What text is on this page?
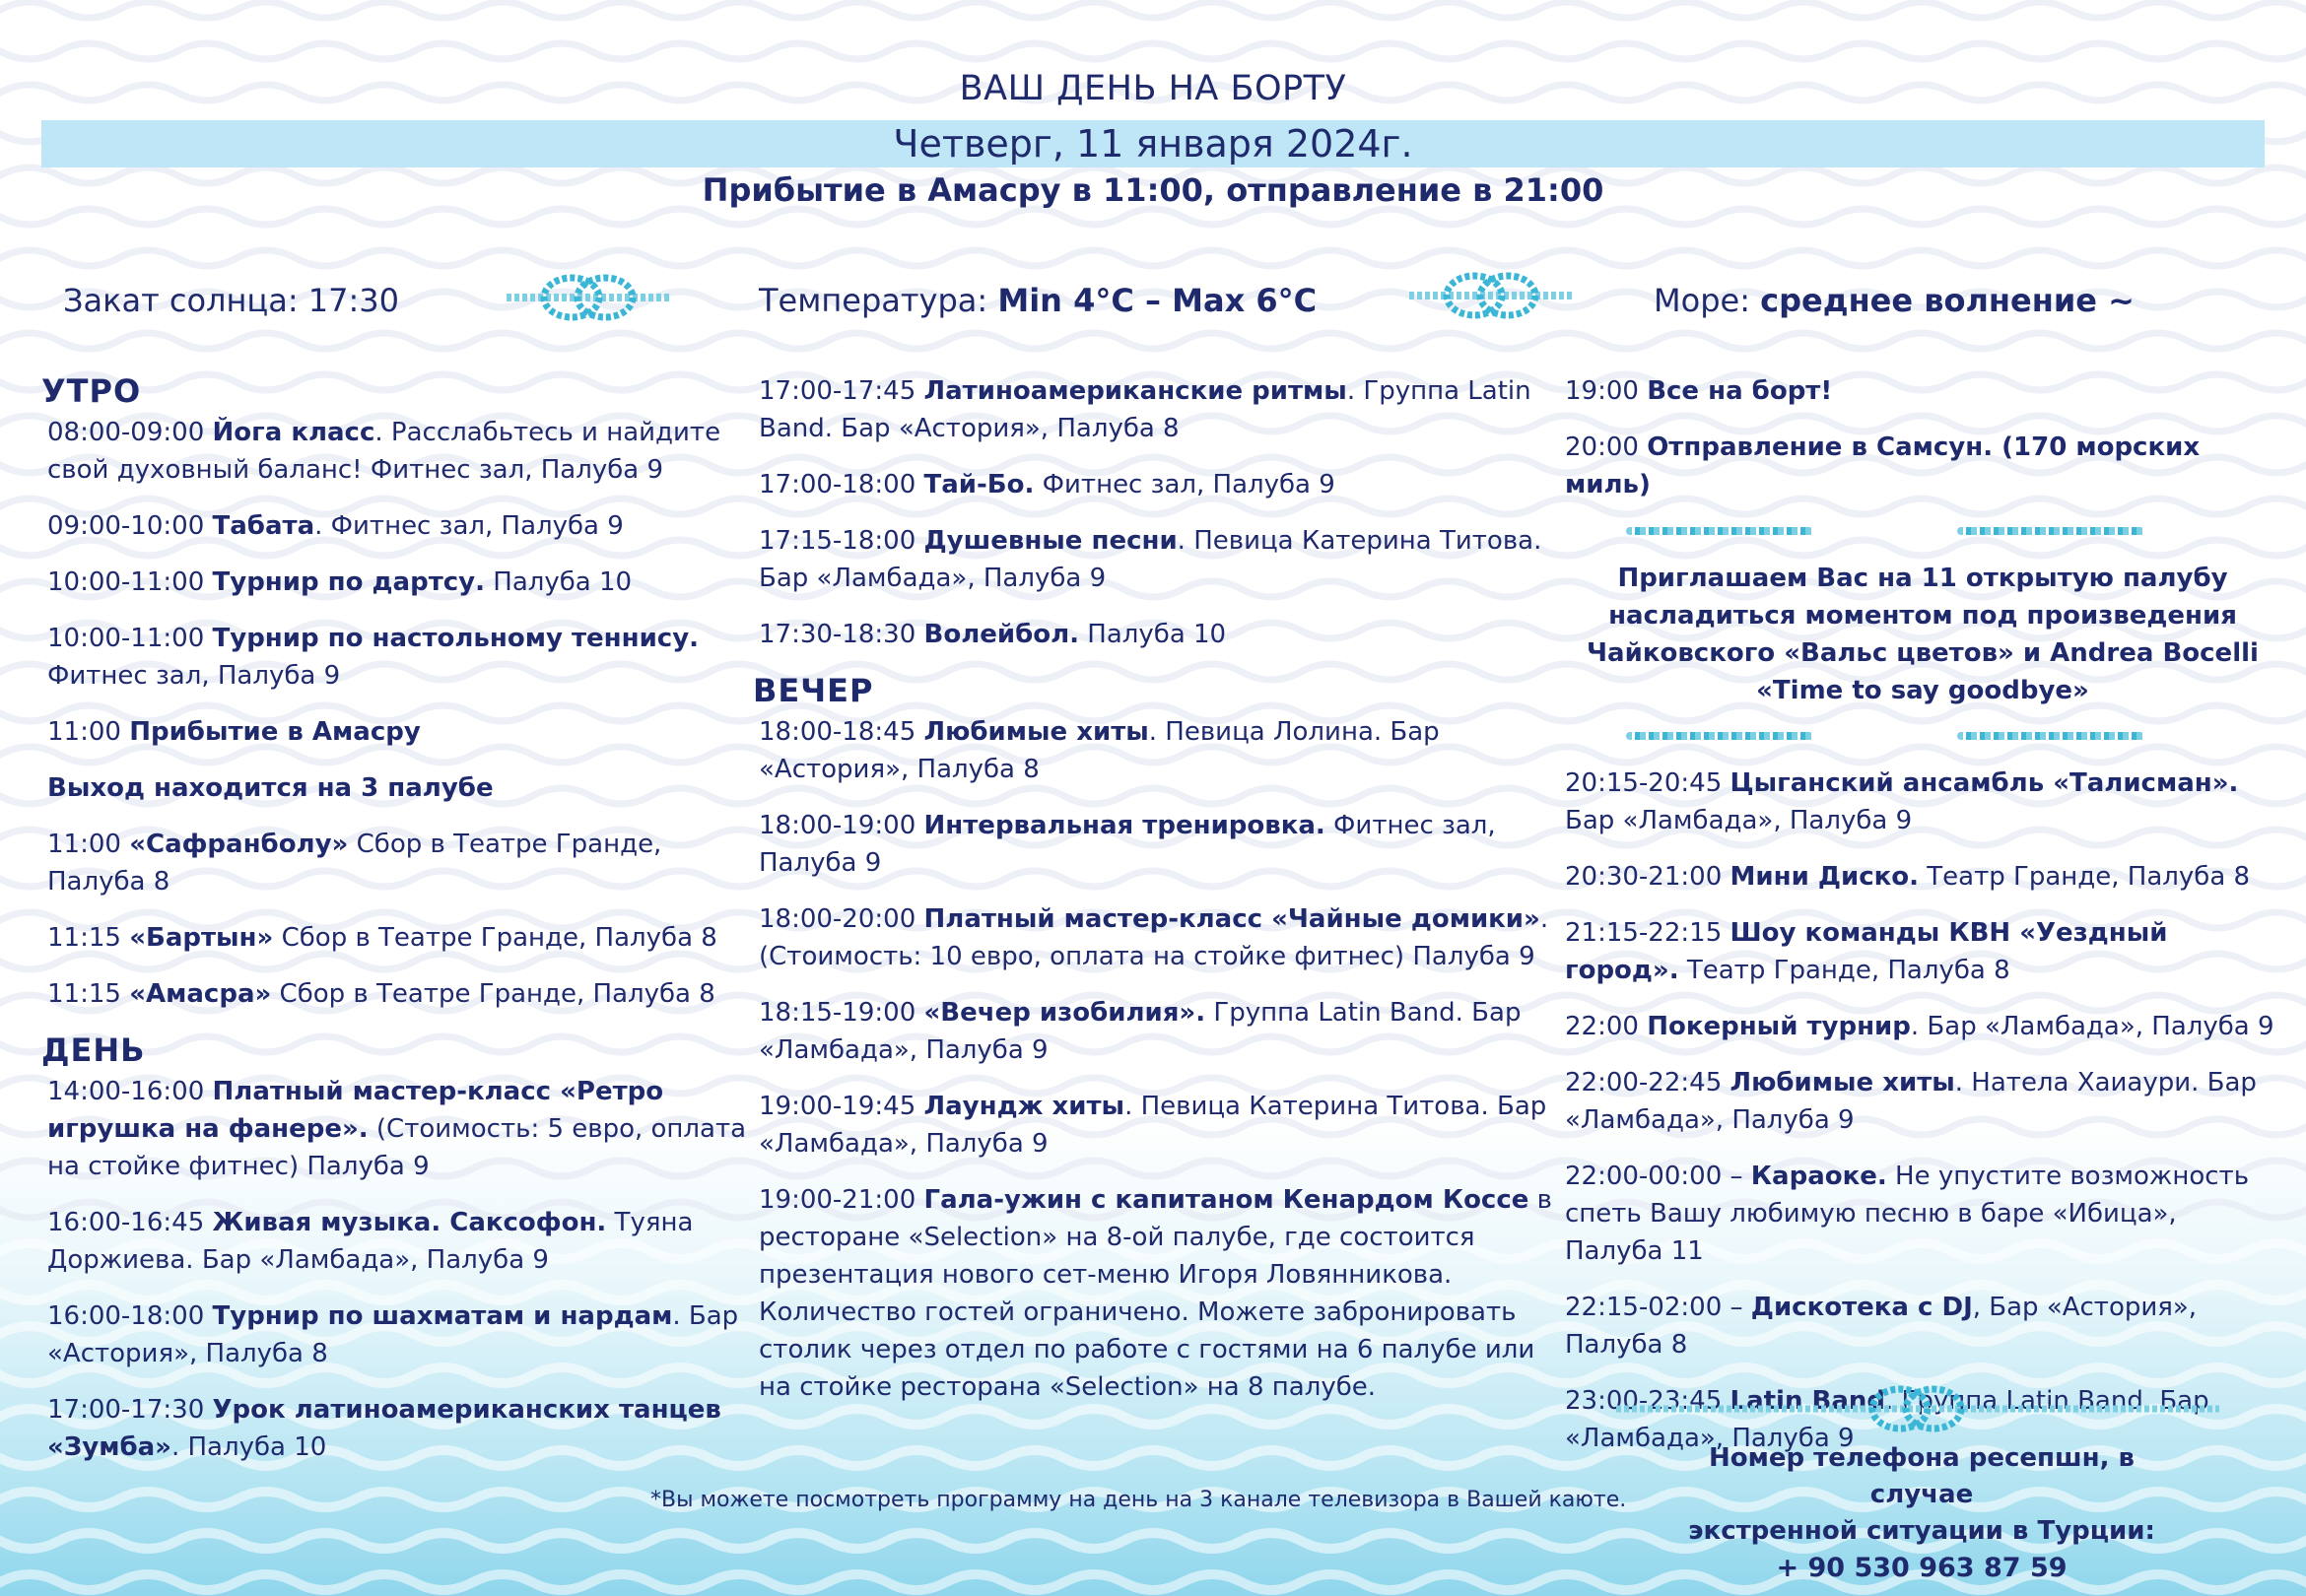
ВАШ ДЕНЬ НА БОРТУ
Четверг, 11 января 2024г.
Прибытие в Амасру в 11:00, отправление в 21:00
Закат солнца: 17:30	Температура: Min 4°C – Max 6°C	Море: среднее волнение ~
УТРО
08:00-09:00 Йога класс. Расслабьтесь и найдите свой духовный баланс! Фитнес зал, Палуба 9
09:00-10:00 Табата. Фитнес зал, Палуба 9
10:00-11:00 Турнир по дартсу. Палуба 10
10:00-11:00 Турнир по настольному теннису. Фитнес зал, Палуба 9
11:00 Прибытие в Амасру
Выход находится на 3 палубе
11:00 «Сафранболу» Сбор в Театре Гранде, Палуба 8
11:15 «Бартын» Сбор в Театре Гранде, Палуба 8
11:15 «Амасра» Сбор в Театре Гранде, Палуба 8
ДЕНЬ
14:00-16:00 Платный мастер-класс «Ретро игрушка на фанере». (Стоимость: 5 евро, оплата на стойке фитнес) Палуба 9
16:00-16:45 Живая музыка. Саксофон. Туяна Доржиева. Бар «Ламбада», Палуба 9
16:00-18:00 Турнир по шахматам и нардам. Бар «Астория», Палуба 8
17:00-17:30 Урок латиноамериканских танцев «Зумба». Палуба 10
17:00-17:45 Латиноамериканские ритмы. Группа Latin Band. Бар «Астория», Палуба 8
17:00-18:00 Тай-Бо. Фитнес зал, Палуба 9
17:15-18:00 Душевные песни. Певица Катерина Титова. Бар «Ламбада», Палуба 9
17:30-18:30 Волейбол. Палуба 10
ВЕЧЕР
18:00-18:45 Любимые хиты. Певица Лолина. Бар «Астория», Палуба 8
18:00-19:00 Интервальная тренировка. Фитнес зал, Палуба 9
18:00-20:00 Платный мастер-класс «Чайные домики». (Стоимость: 10 евро, оплата на стойке фитнес) Палуба 9
18:15-19:00 «Вечер изобилия». Группа Latin Band. Бар «Ламбада», Палуба 9
19:00-19:45 Лаундж хиты. Певица Катерина Титова. Бар «Ламбада», Палуба 9
19:00-21:00 Гала-ужин с капитаном Кенардом Коссе в ресторане «Selection» на 8-ой палубе, где состоится презентация нового сет-меню Игоря Ловянникова. Количество гостей ограничено. Можете забронировать столик через отдел по работе с гостями на 6 палубе или на стойке ресторана «Selection» на 8 палубе.
19:00 Все на борт!
20:00 Отправление в Самсун. (170 морских миль)
Приглашаем Вас на 11 открытую палубу насладиться моментом под произведения Чайковского «Вальс цветов» и Andrea Bocelli «Time to say goodbye»
20:15-20:45 Цыганский ансамбль «Талисман». Бар «Ламбада», Палуба 9
20:30-21:00 Мини Диско. Театр Гранде, Палуба 8
21:15-22:15 Шоу команды КВН «Уездный город». Театр Гранде, Палуба 8
22:00 Покерный турнир. Бар «Ламбада», Палуба 9
22:00-22:45 Любимые хиты. Натела Хаиаури. Бар «Ламбада», Палуба 9
22:00-00:00 – Караоке. Не упустите возможность спеть Вашу любимую песню в баре «Ибица», Палуба 11
22:15-02:00 – Дискотека с DJ, Бар «Астория», Палуба 8
23:00-23:45 Latin Band. Группа Latin Band. Бар «Ламбада», Палуба 9
*Вы можете посмотреть программу на день на 3 канале телевизора в Вашей каюте.
Номер телефона ресепшн, в случае
экстренной ситуации в Турции:
+ 90 530 963 87 59
